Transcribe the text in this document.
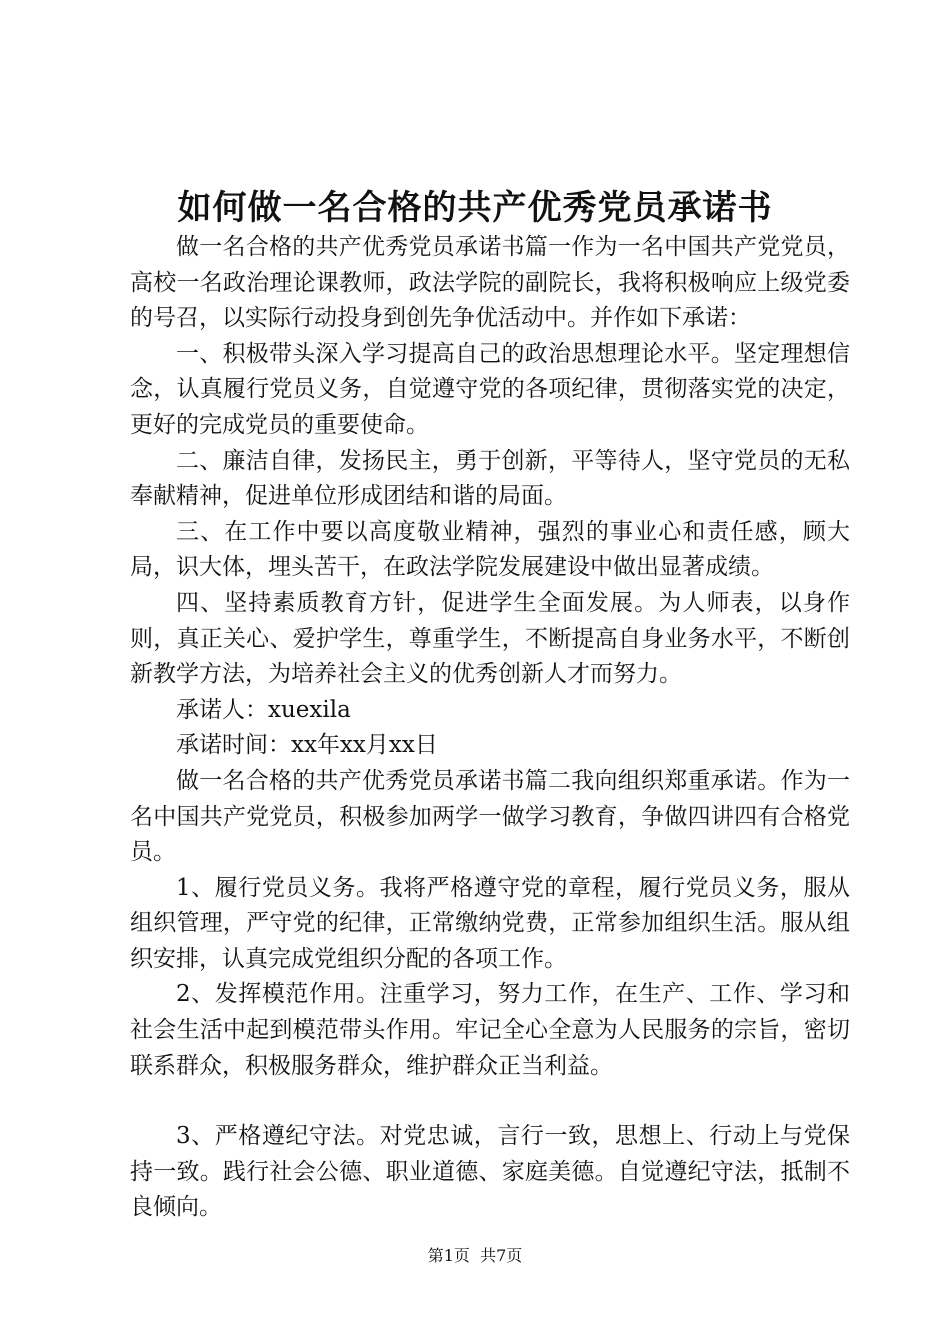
如何做一名合格的共产优秀党员承诺书

做一名合格的共产优秀党员承诺书篇一作为一名中国共产党党员，高校一名政治理论课教师，政法学院的副院长，我将积极响应上级党委的号召，以实际行动投身到创先争优活动中。并作如下承诺：

一、积极带头深入学习提高自己的政治思想理论水平。坚定理想信念，认真履行党员义务，自觉遵守党的各项纪律，贯彻落实党的决定，更好的完成党员的重要使命。

二、廉洁自律，发扬民主，勇于创新，平等待人，坚守党员的无私奉献精神，促进单位形成团结和谐的局面。

三、在工作中要以高度敬业精神，强烈的事业心和责任感，顾大局，识大体，埋头苦干，在政法学院发展建设中做出显著成绩。

四、坚持素质教育方针，促进学生全面发展。为人师表，以身作则，真正关心、爱护学生，尊重学生，不断提高自身业务水平，不断创新教学方法，为培养社会主义的优秀创新人才而努力。

承诺人：xuexila

承诺时间：xx年xx月xx日

做一名合格的共产优秀党员承诺书篇二我向组织郑重承诺。作为一名中国共产党党员，积极参加两学一做学习教育，争做四讲四有合格党员。

1、履行党员义务。我将严格遵守党的章程，履行党员义务，服从组织管理，严守党的纪律，正常缴纳党费，正常参加组织生活。服从组织安排，认真完成党组织分配的各项工作。

2、发挥模范作用。注重学习，努力工作，在生产、工作、学习和社会生活中起到模范带头作用。牢记全心全意为人民服务的宗旨，密切联系群众，积极服务群众，维护群众正当利益。

3、严格遵纪守法。对党忠诚，言行一致，思想上、行动上与党保持一致。践行社会公德、职业道德、家庭美德。自觉遵纪守法，抵制不良倾向。

第1页  共7页
